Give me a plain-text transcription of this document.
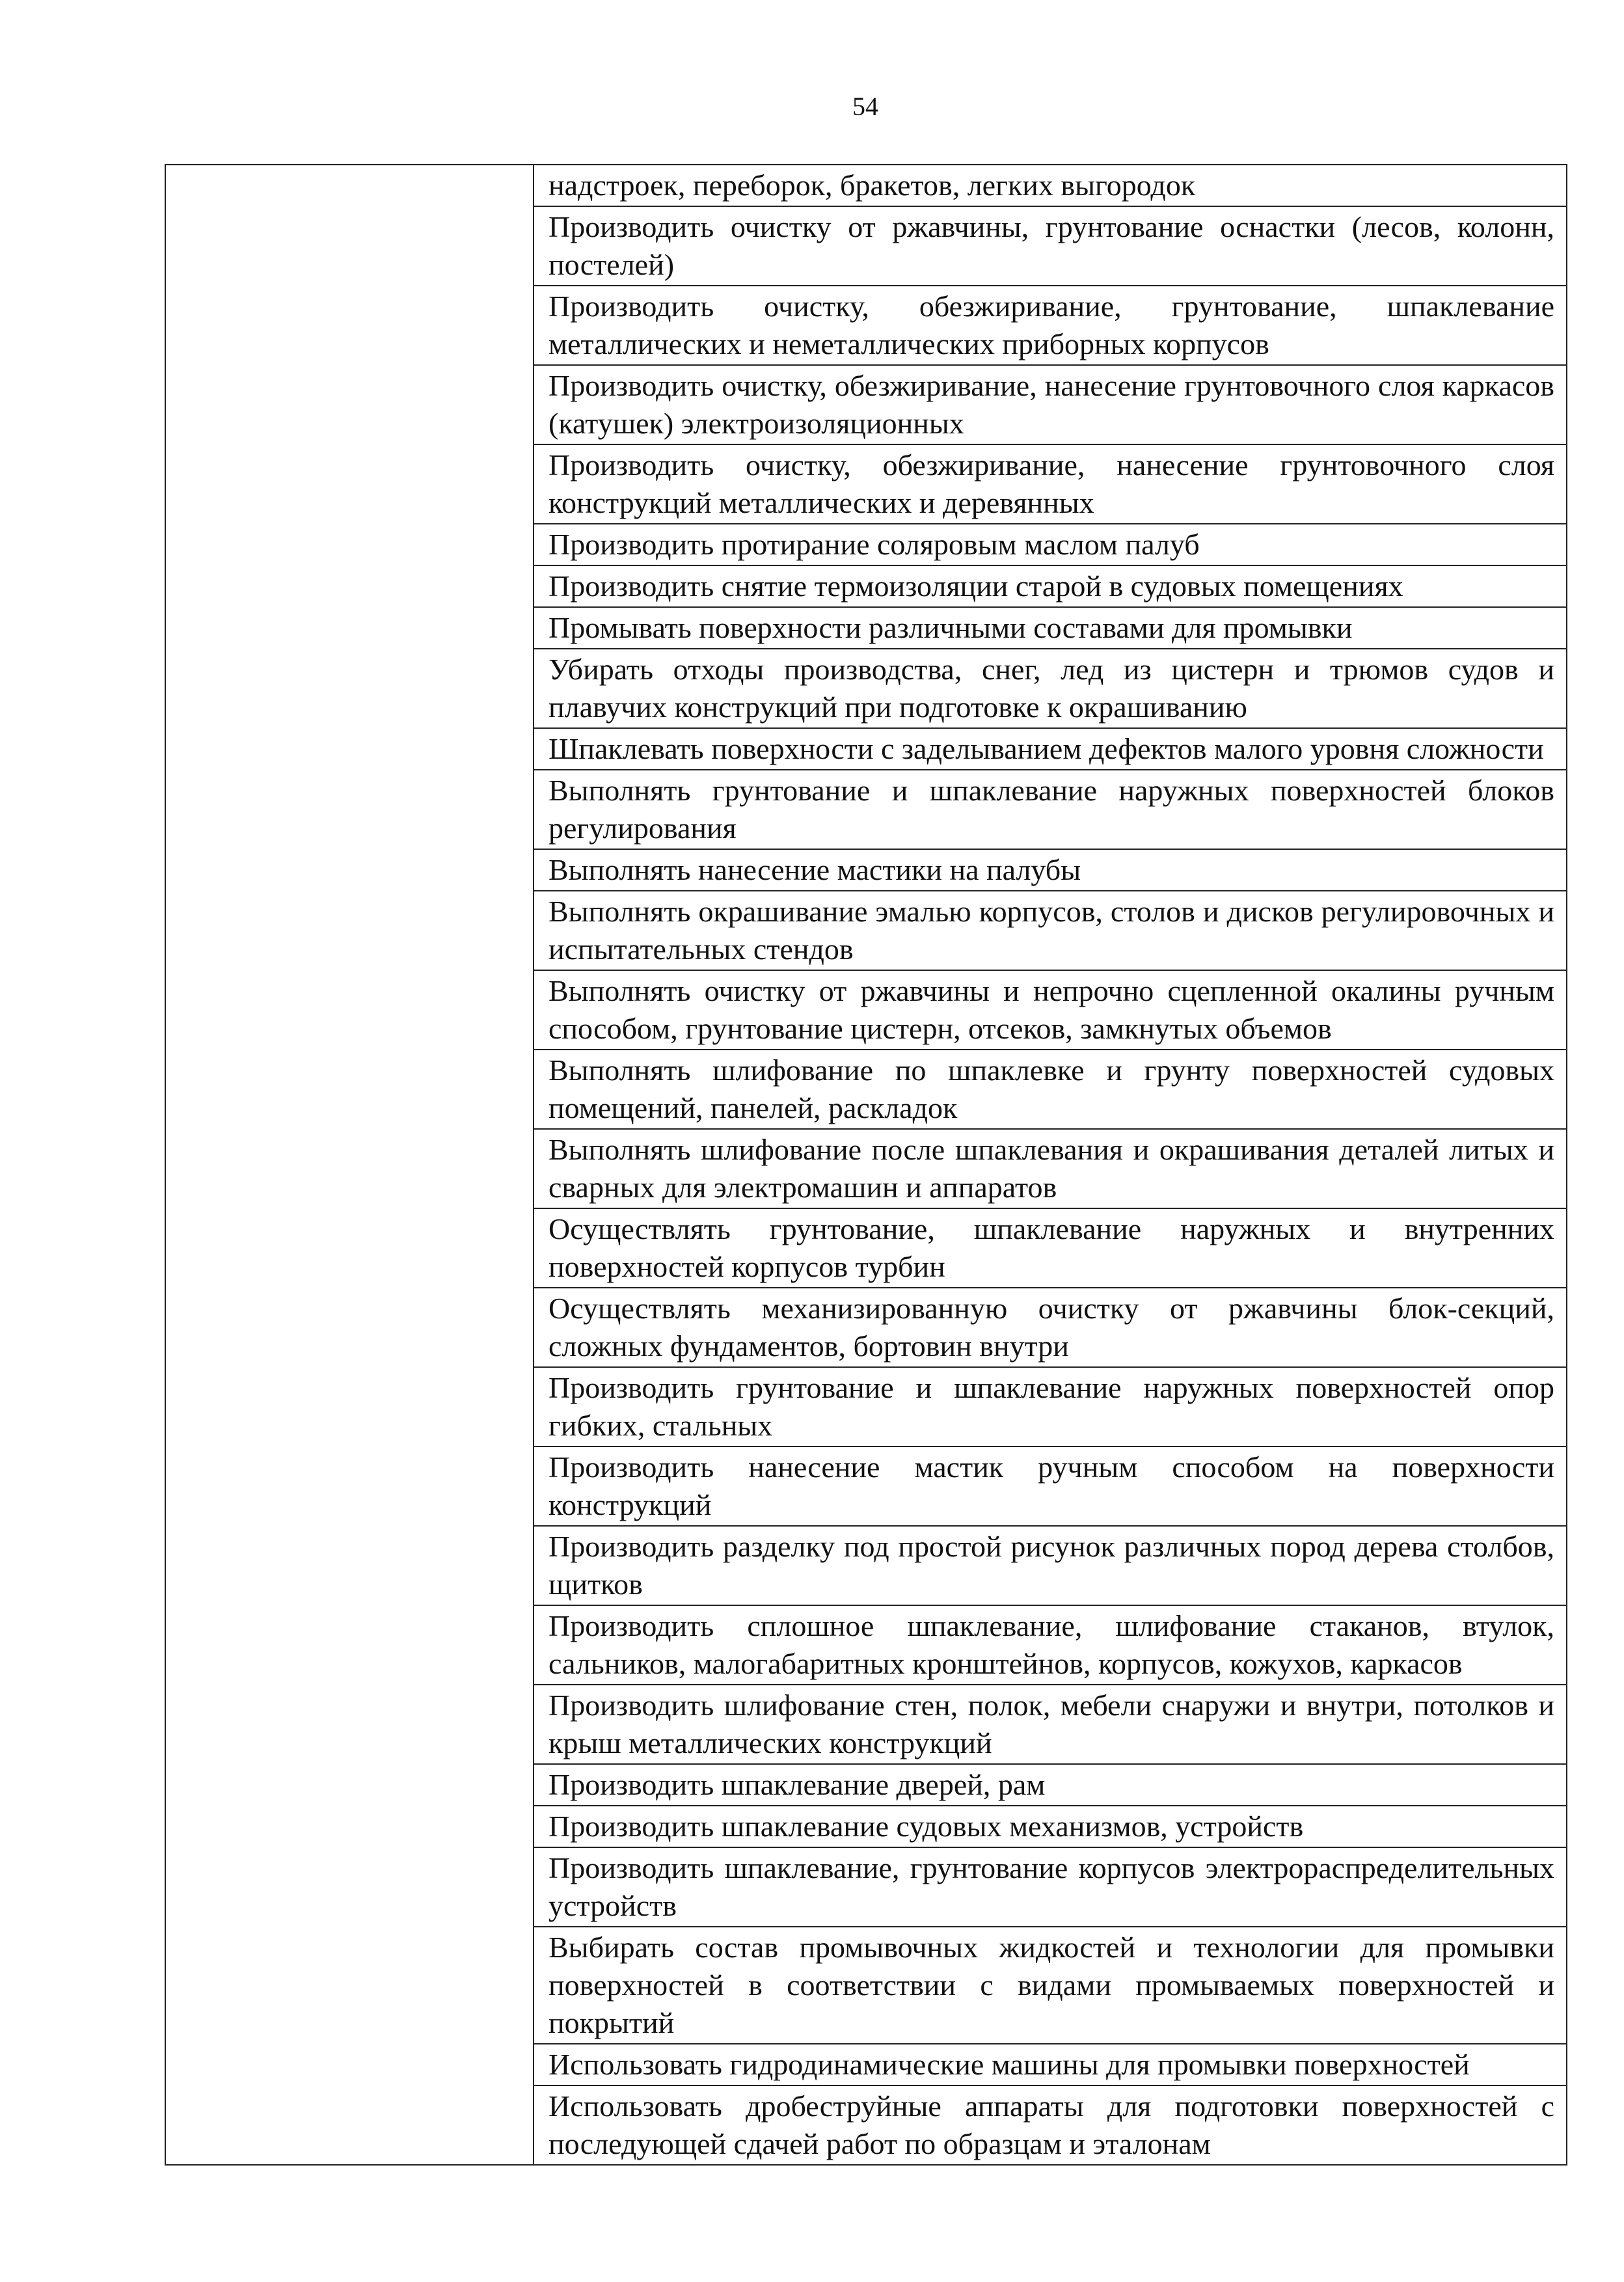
54

надстроек, переборок, бракетов, легких выгородок

Производить очистку от ржавчины, грунтование оснастки (лесов, колонн, постелей)

Производить очистку, обезжиривание, грунтование, шпаклевание металлических и неметаллических приборных корпусов

Производить очистку, обезжиривание, нанесение грунтовочного слоя каркасов (катушек) электроизоляционных

Производить очистку, обезжиривание, нанесение грунтовочного слоя конструкций металлических и деревянных

Производить протирание соляровым маслом палуб

Производить снятие термоизоляции старой в судовых помещениях

Промывать поверхности различными составами для промывки

Убирать отходы производства, снег, лед из цистерн и трюмов судов и плавучих конструкций при подготовке к окрашиванию

Шпаклевать поверхности с заделыванием дефектов малого уровня сложности

Выполнять грунтование и шпаклевание наружных поверхностей блоков регулирования

Выполнять нанесение мастики на палубы

Выполнять окрашивание эмалью корпусов, столов и дисков регулировочных и испытательных стендов

Выполнять очистку от ржавчины и непрочно сцепленной окалины ручным способом, грунтование цистерн, отсеков, замкнутых объемов

Выполнять шлифование по шпаклевке и грунту поверхностей судовых помещений, панелей, раскладок

Выполнять шлифование после шпаклевания и окрашивания деталей литых и сварных для электромашин и аппаратов

Осуществлять грунтование, шпаклевание наружных и внутренних поверхностей корпусов турбин

Осуществлять механизированную очистку от ржавчины блок-секций, сложных фундаментов, бортовин внутри

Производить грунтование и шпаклевание наружных поверхностей опор гибких, стальных

Производить нанесение мастик ручным способом на поверхности конструкций

Производить разделку под простой рисунок различных пород дерева столбов, щитков

Производить сплошное шпаклевание, шлифование стаканов, втулок, сальников, малогабаритных кронштейнов, корпусов, кожухов, каркасов

Производить шлифование стен, полок, мебели снаружи и внутри, потолков и крыш металлических конструкций

Производить шпаклевание дверей, рам

Производить шпаклевание судовых механизмов, устройств

Производить шпаклевание, грунтование корпусов электрораспределительных устройств

Выбирать состав промывочных жидкостей и технологии для промывки поверхностей в соответствии с видами промываемых поверхностей и покрытий

Использовать гидродинамические машины для промывки поверхностей

Использовать дробеструйные аппараты для подготовки поверхностей с последующей сдачей работ по образцам и эталонам
